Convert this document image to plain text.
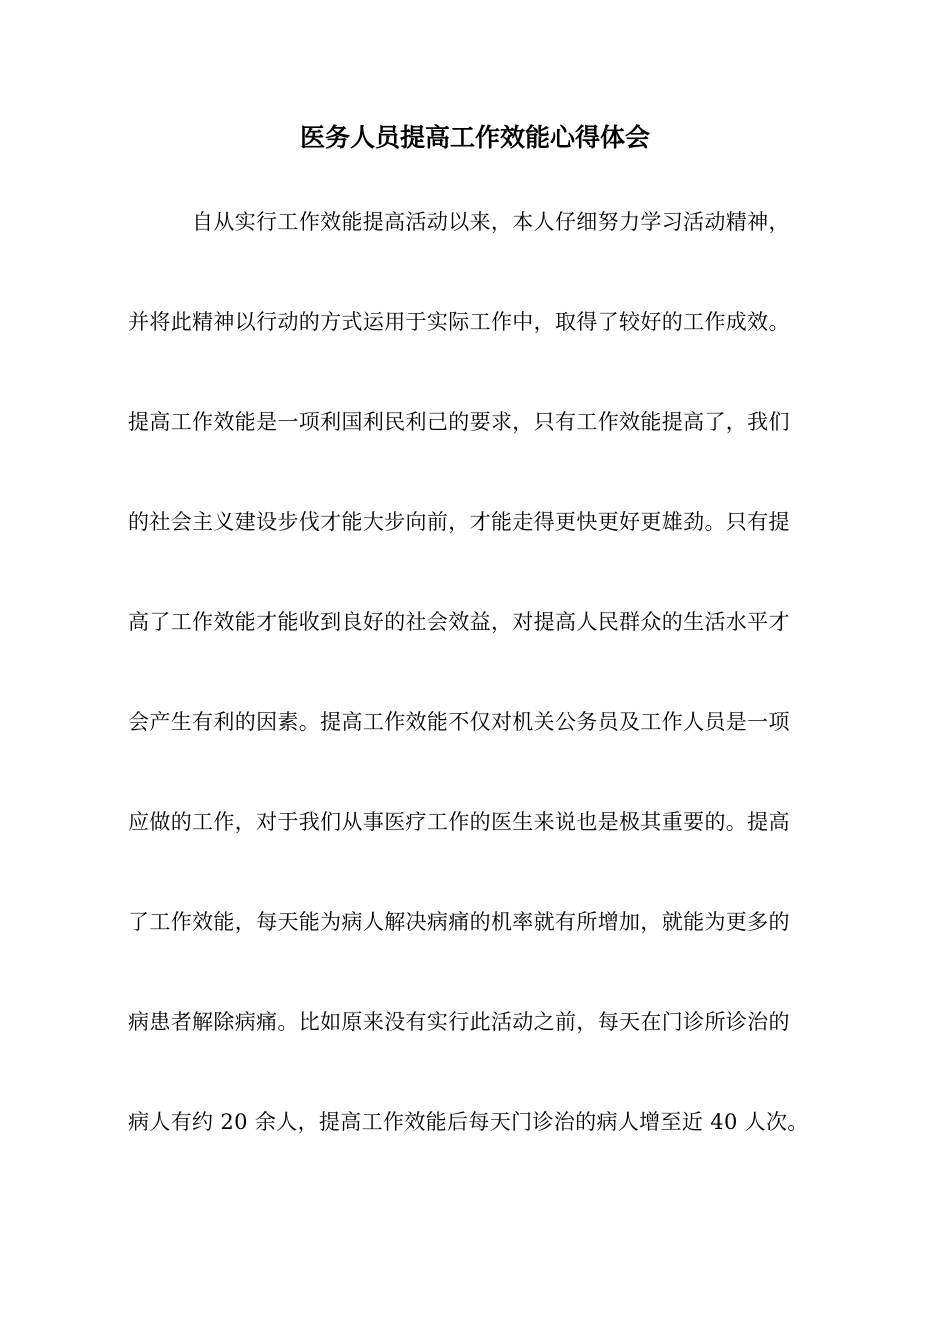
医务人员提高工作效能心得体会
自从实行工作效能提高活动以来，本人仔细努力学习活动精神，
并将此精神以行动的方式运用于实际工作中，取得了较好的工作成效。
提高工作效能是一项利国利民利己的要求，只有工作效能提高了，我们
的社会主义建设步伐才能大步向前，才能走得更快更好更雄劲。只有提
高了工作效能才能收到良好的社会效益，对提高人民群众的生活水平才
会产生有利的因素。提高工作效能不仅对机关公务员及工作人员是一项
应做的工作，对于我们从事医疗工作的医生来说也是极其重要的。提高
了工作效能，每天能为病人解决病痛的机率就有所增加，就能为更多的
病患者解除病痛。比如原来没有实行此活动之前，每天在门诊所诊治的
病人有约 20 余人，提高工作效能后每天门诊治的病人增至近 40 人次。
